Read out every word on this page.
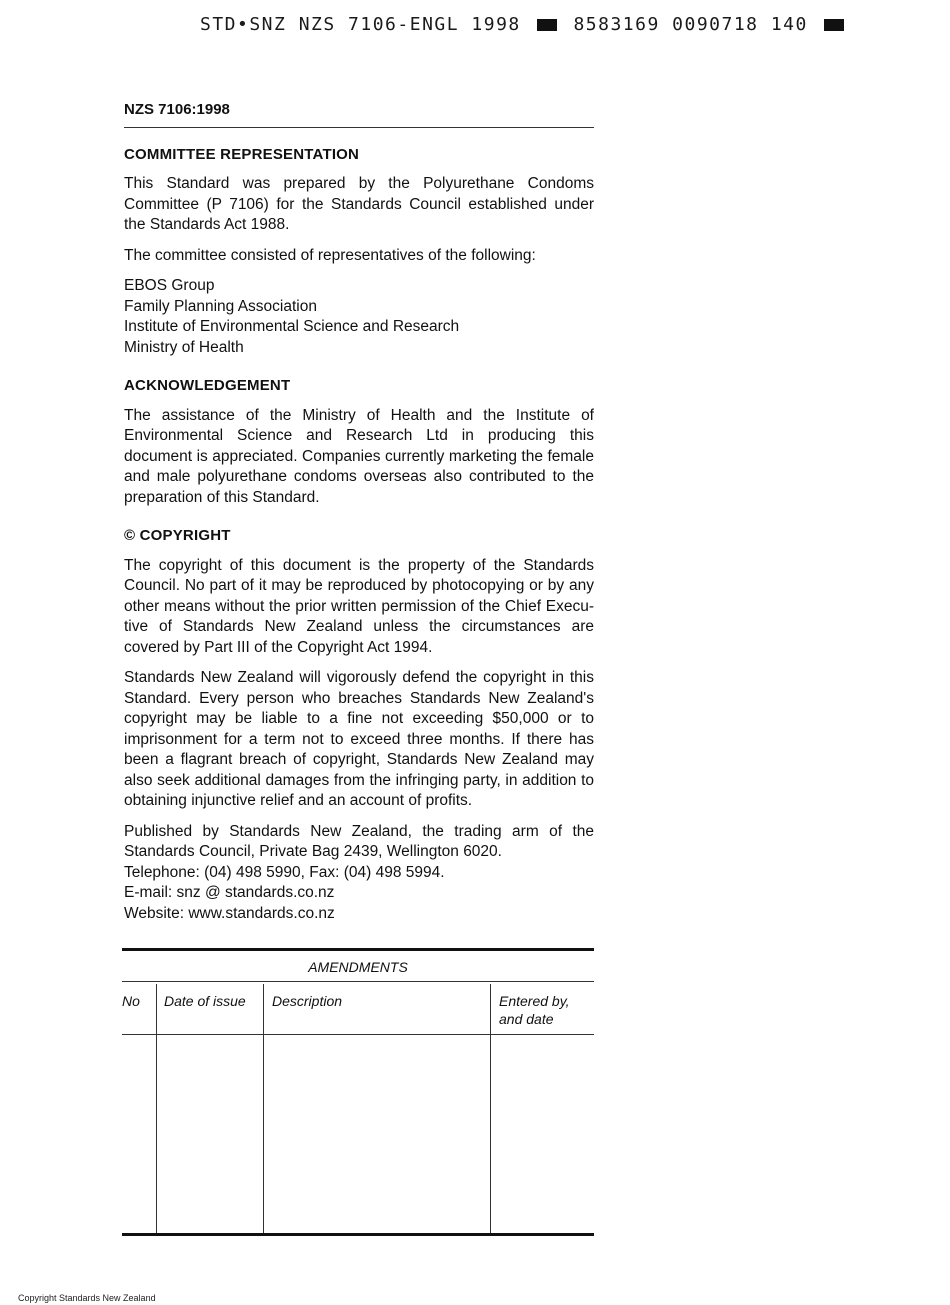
STD•SNZ NZS 7106-ENGL 1998	8583169 0090718 140
NZS 7106:1998
COMMITTEE REPRESENTATION

This Standard was prepared by the Polyurethane Condoms Committee (P 7106) for the Standards Council established under the Standards Act 1988.

The committee consisted of representatives of the following:

EBOS Group
Family Planning Association
Institute of Environmental Science and Research
Ministry of Health
ACKNOWLEDGEMENT

The assistance of the Ministry of Health and the Institute of Environmental Science and Research Ltd in producing this document is appreciated. Companies currently marketing the female and male polyurethane condoms overseas also contributed to the preparation of this Standard.

© COPYRIGHT

The copyright of this document is the property of the Standards Council. No part of it may be reproduced by photocopying or by any other means without the prior written permission of the Chief Execu-tive of Standards New Zealand unless the circumstances are covered by Part III of the Copyright Act 1994.

Standards New Zealand will vigorously defend the copyright in this Standard. Every person who breaches Standards New Zealand's copyright may be liable to a fine not exceeding $50,000 or to imprisonment for a term not to exceed three months. If there has been a flagrant breach of copyright, Standards New Zealand may also seek additional damages from the infringing party, in addition to obtaining injunctive relief and an account of profits.

Published by Standards New Zealand, the trading arm of the Standards Council, Private Bag 2439, Wellington 6020.

Telephone: (04) 498 5990, Fax: (04) 498 5994.
E-mail: snz @ standards.co.nz
Website: www.standards.co.nz
AMENDMENTS
No Date of issue Description	Entered by,
and date
Copyright Standards New Zealand
